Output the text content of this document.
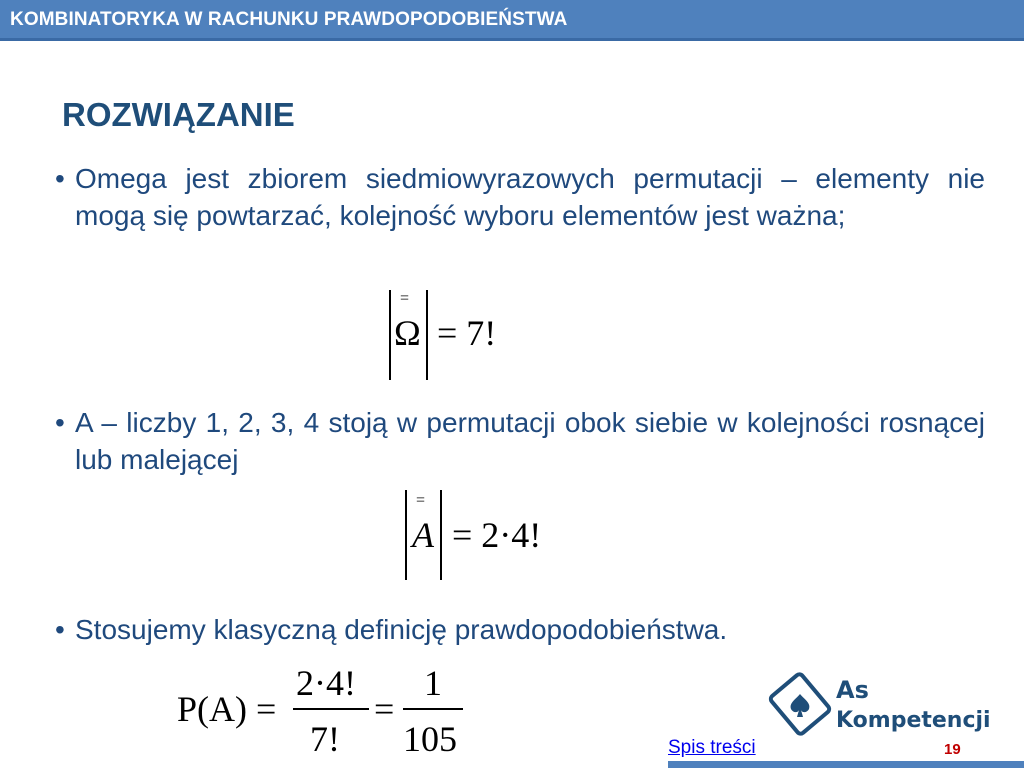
KOMBINATORYKA W RACHUNKU PRAWDOPODOBIEŃSTWA
ROZWIĄZANIE
• Omega jest zbiorem siedmiowyrazowych permutacji – elementy nie mogą się powtarzać, kolejność wyboru elementów jest ważna;
=
Ω = 7!
• A – liczby 1, 2, 3, 4 stoją w permutacji obok siebie w kolejności rosnącej lub malejącej
=
A = 2·4!
• Stosujemy klasyczną definicję prawdopodobieństwa.
P(A) =
2·4!
7!
=
1
105
As
Kompetencji
Spis treści	19
